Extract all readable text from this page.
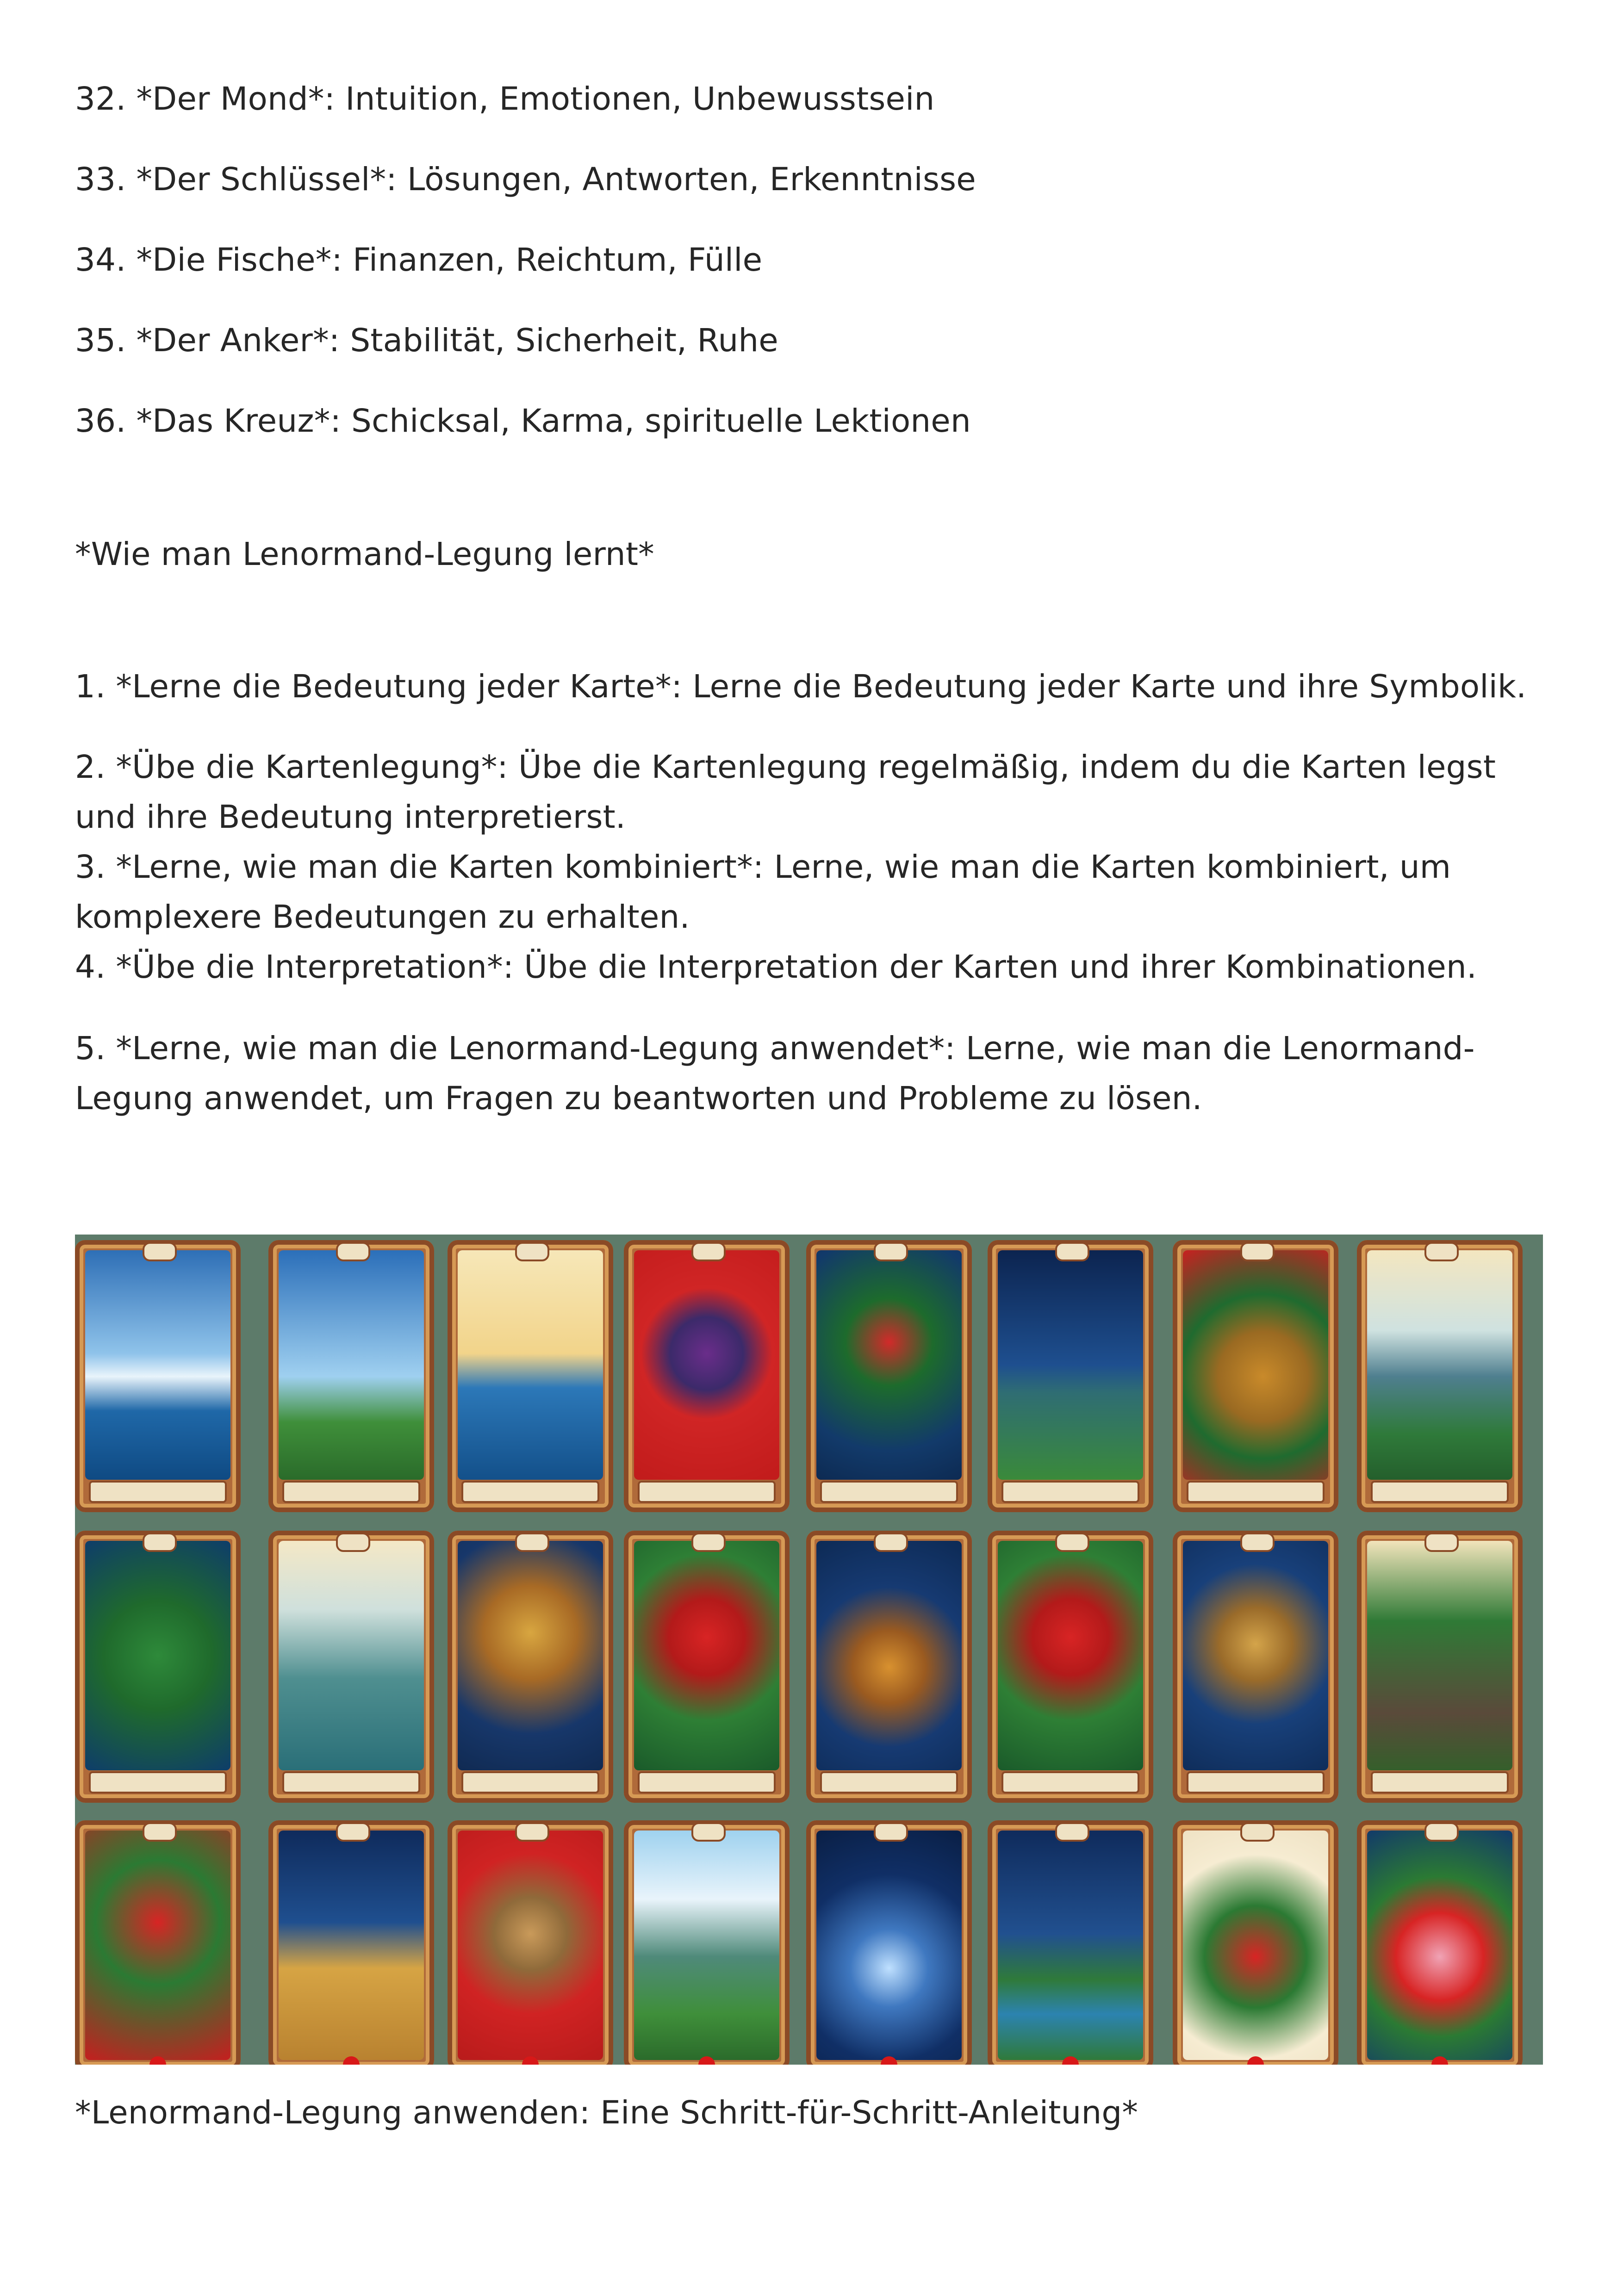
32. *Der Mond*: Intuition, Emotionen, Unbewusstsein

33. *Der Schlüssel*: Lösungen, Antworten, Erkenntnisse

34. *Die Fische*: Finanzen, Reichtum, Fülle

35. *Der Anker*: Stabilität, Sicherheit, Ruhe

36. *Das Kreuz*: Schicksal, Karma, spirituelle Lektionen

*Wie man Lenormand-Legung lernt*

1. *Lerne die Bedeutung jeder Karte*: Lerne die Bedeutung jeder Karte und ihre Symbolik.

2. *Übe die Kartenlegung*: Übe die Kartenlegung regelmäßig, indem du die Karten legst und ihre Bedeutung interpretierst.

3. *Lerne, wie man die Karten kombiniert*: Lerne, wie man die Karten kombiniert, um komplexere Bedeutungen zu erhalten.

4. *Übe die Interpretation*: Übe die Interpretation der Karten und ihrer Kombinationen.

5. *Lerne, wie man die Lenormand-Legung anwendet*: Lerne, wie man die Lenormand-Legung anwendet, um Fragen zu beantworten und Probleme zu lösen.

*Lenormand-Legung anwenden: Eine Schritt-für-Schritt-Anleitung*
